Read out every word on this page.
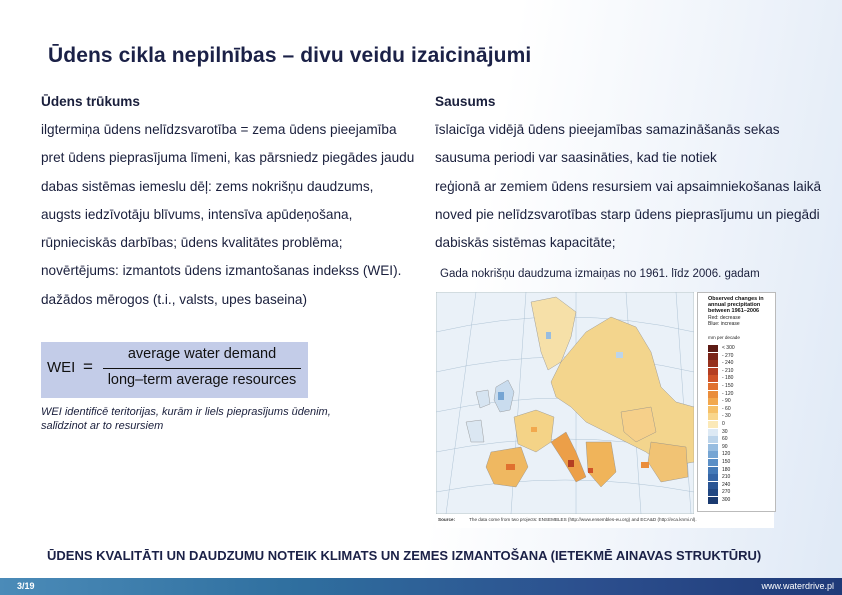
Ūdens cikla nepilnības – divu veidu izaicinājumi
Ūdens trūkums

ilgtermiņa ūdens nelīdzsvarotība = zema ūdens pieejamība

pret ūdens pieprasījuma līmeni, kas pārsniedz piegādes jaudu

dabas sistēmas iemeslu dēļ: zems nokrišņu daudzums,

augsts iedzīvotāju blīvums, intensīva apūdeņošana,

rūpnieciskās darbības; ūdens kvalitātes problēma;

novērtējums: izmantots ūdens izmantošanas indekss (WEI).

dažādos mērogos (t.i., valsts, upes baseina)

Sausums

īslaicīga vidējā ūdens pieejamības samazināšanās sekas

sausuma periodi var saasināties, kad tie notiek

reģionā ar zemiem ūdens resursiem vai apsaimniekošanas laikā

noved pie nelīdzsvarotības starp ūdens pieprasījumu un piegādi

dabiskās sistēmas kapacitāte;

WEI =
average water demand
long–term average resources
WEI identificē teritorijas, kurām ir liels pieprasījums ūdenim, salīdzinot ar to resursiem
Gada nokrišņu daudzuma izmaiņas no 1961. līdz 2006. gadam
Observed changes in annual precipitation between 1961–2006
Red: decrease
Blue: increase
mm per decade
< 300
- 270
- 240
- 210
- 180
- 150
- 120
- 90
- 60
- 30
0
30
60
90
120
150
180
210
240
270
300
Source:	The data come from two projects: ENSEMBLES (http://www.ensembles-eu.org) and ECA&D (http://eca.knmi.nl).
ŪDENS KVALITĀTI UN DAUDZUMU NOTEIK KLIMATS UN ZEMES IZMANTOŠANA (IETEKMĒ AINAVAS STRUKTŪRU)
3/19	www.waterdrive.pl
